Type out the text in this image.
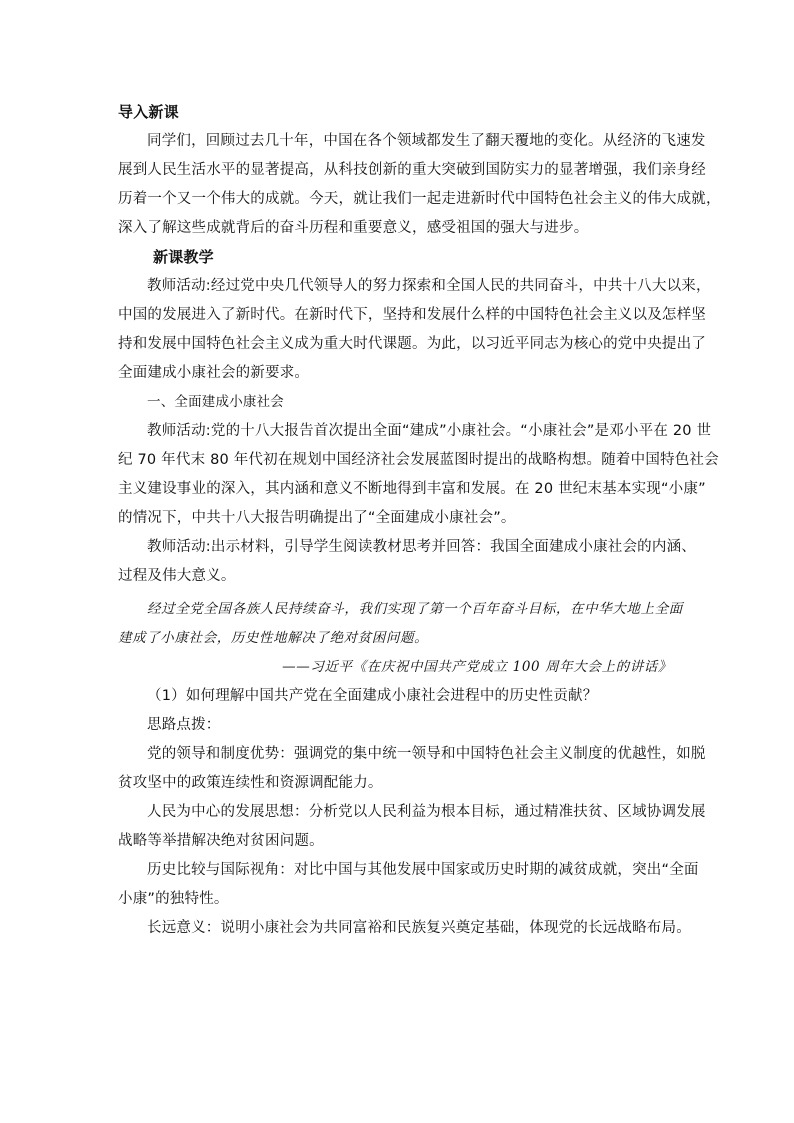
导入新课
同学们，回顾过去几十年，中国在各个领域都发生了翻天覆地的变化。从经济的飞速发
展到人民生活水平的显著提高，从科技创新的重大突破到国防实力的显著增强，我们亲身经
历着一个又一个伟大的成就。今天，就让我们一起走进新时代中国特色社会主义的伟大成就，
深入了解这些成就背后的奋斗历程和重要意义，感受祖国的强大与进步。
新课教学
教师活动:经过党中央几代领导人的努力探索和全国人民的共同奋斗，中共十八大以来，
中国的发展进入了新时代。在新时代下，坚持和发展什么样的中国特色社会主义以及怎样坚
持和发展中国特色社会主义成为重大时代课题。为此，以习近平同志为核心的党中央提出了
全面建成小康社会的新要求。
一、全面建成小康社会
教师活动:党的十八大报告首次提出全面“建成”小康社会。“小康社会”是邓小平在 20 世
纪 70 年代末 80 年代初在规划中国经济社会发展蓝图时提出的战略构想。随着中国特色社会
主义建设事业的深入，其内涵和意义不断地得到丰富和发展。在 20 世纪末基本实现“小康”
的情况下，中共十八大报告明确提出了“全面建成小康社会”。
教师活动:出示材料，引导学生阅读教材思考并回答：我国全面建成小康社会的内涵、
过程及伟大意义。
经过全党全国各族人民持续奋斗，我们实现了第一个百年奋斗目标，在中华大地上全面
建成了小康社会，历史性地解决了绝对贫困问题。
——习近平《在庆祝中国共产党成立 100 周年大会上的讲话》
（1）如何理解中国共产党在全面建成小康社会进程中的历史性贡献？
思路点拨：
党的领导和制度优势：强调党的集中统一领导和中国特色社会主义制度的优越性，如脱
贫攻坚中的政策连续性和资源调配能力。
人民为中心的发展思想：分析党以人民利益为根本目标，通过精准扶贫、区域协调发展
战略等举措解决绝对贫困问题。
历史比较与国际视角：对比中国与其他发展中国家或历史时期的减贫成就，突出“全面
小康”的独特性。
长远意义：说明小康社会为共同富裕和民族复兴奠定基础，体现党的长远战略布局。
